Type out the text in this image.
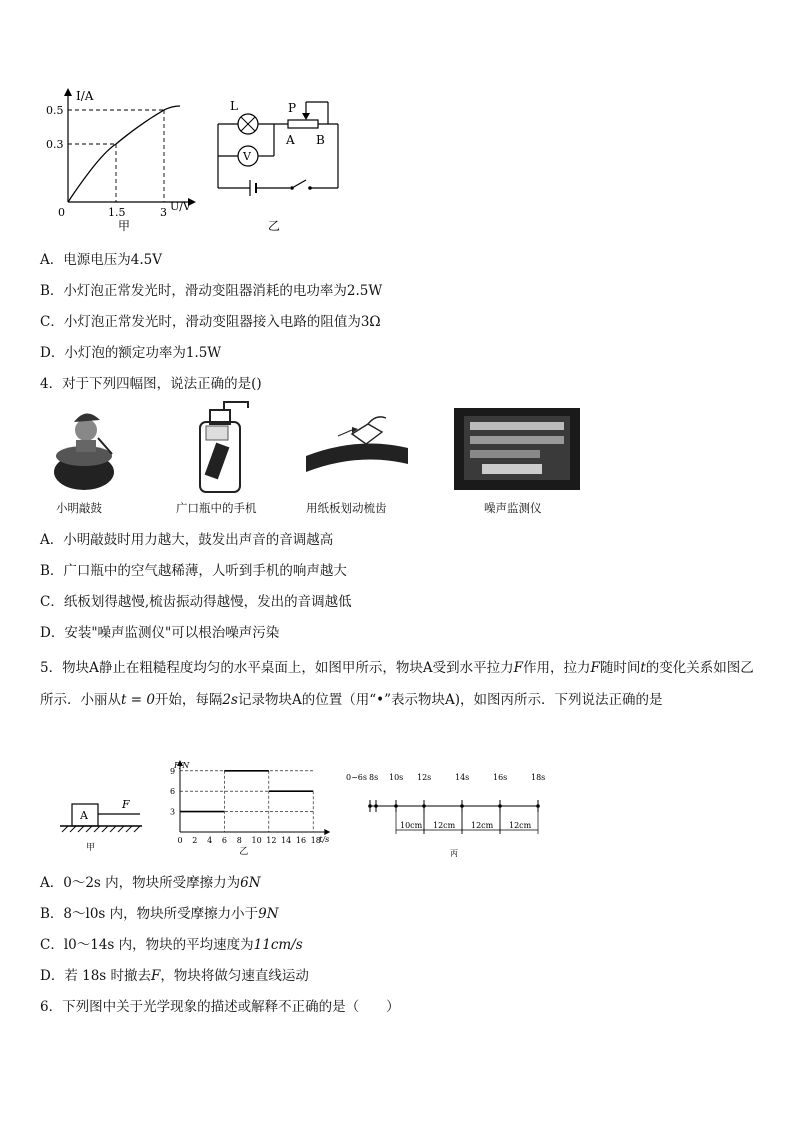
I/A
0.5
0.3
0	1.5	3 U/V
甲
L
V
P
A B
乙
A．电源电压为4.5V
B．小灯泡正常发光时，滑动变阻器消耗的电功率为2.5W
C．小灯泡正常发光时，滑动变阻器接入电路的阻值为3Ω
D．小灯泡的额定功率为1.5W
4．对于下列四幅图，说法正确的是()
小明敲鼓	广口瓶中的手机	用纸板划动梳齿	噪声监测仪
A．小明敲鼓时用力越大，鼓发出声音的音调越高
B．广口瓶中的空气越稀薄，人听到手机的响声越大
C．纸板划得越慢,梳齿振动得越慢，发出的音调越低
D．安装"噪声监测仪"可以根治噪声污染
5．物块A静止在粗糙程度均匀的水平桌面上，如图甲所示，物块A受到水平拉力F作用，拉力F随时间t的变化关系如图乙所示．小丽从t = 0开始，每隔2s记录物块A的位置（用“•”表示物块A)，如图丙所示．下列说法正确的是
A
F
甲
9
6
3
0 2 4 6 8 10 12 14 16 18
F/N
t/s
乙
0~6s 8s 10s 12s	14s	16s	18s
10cm 12cm 12cm 12cm
丙
A．0～2s 内，物块所受摩擦力为6N
B．8～l0s 内，物块所受摩擦力小于9N
C．l0～14s 内，物块的平均速度为11cm/s
D．若 18s 时撤去F，物块将做匀速直线运动
6．下列图中关于光学现象的描述或解释不正确的是（　　）
